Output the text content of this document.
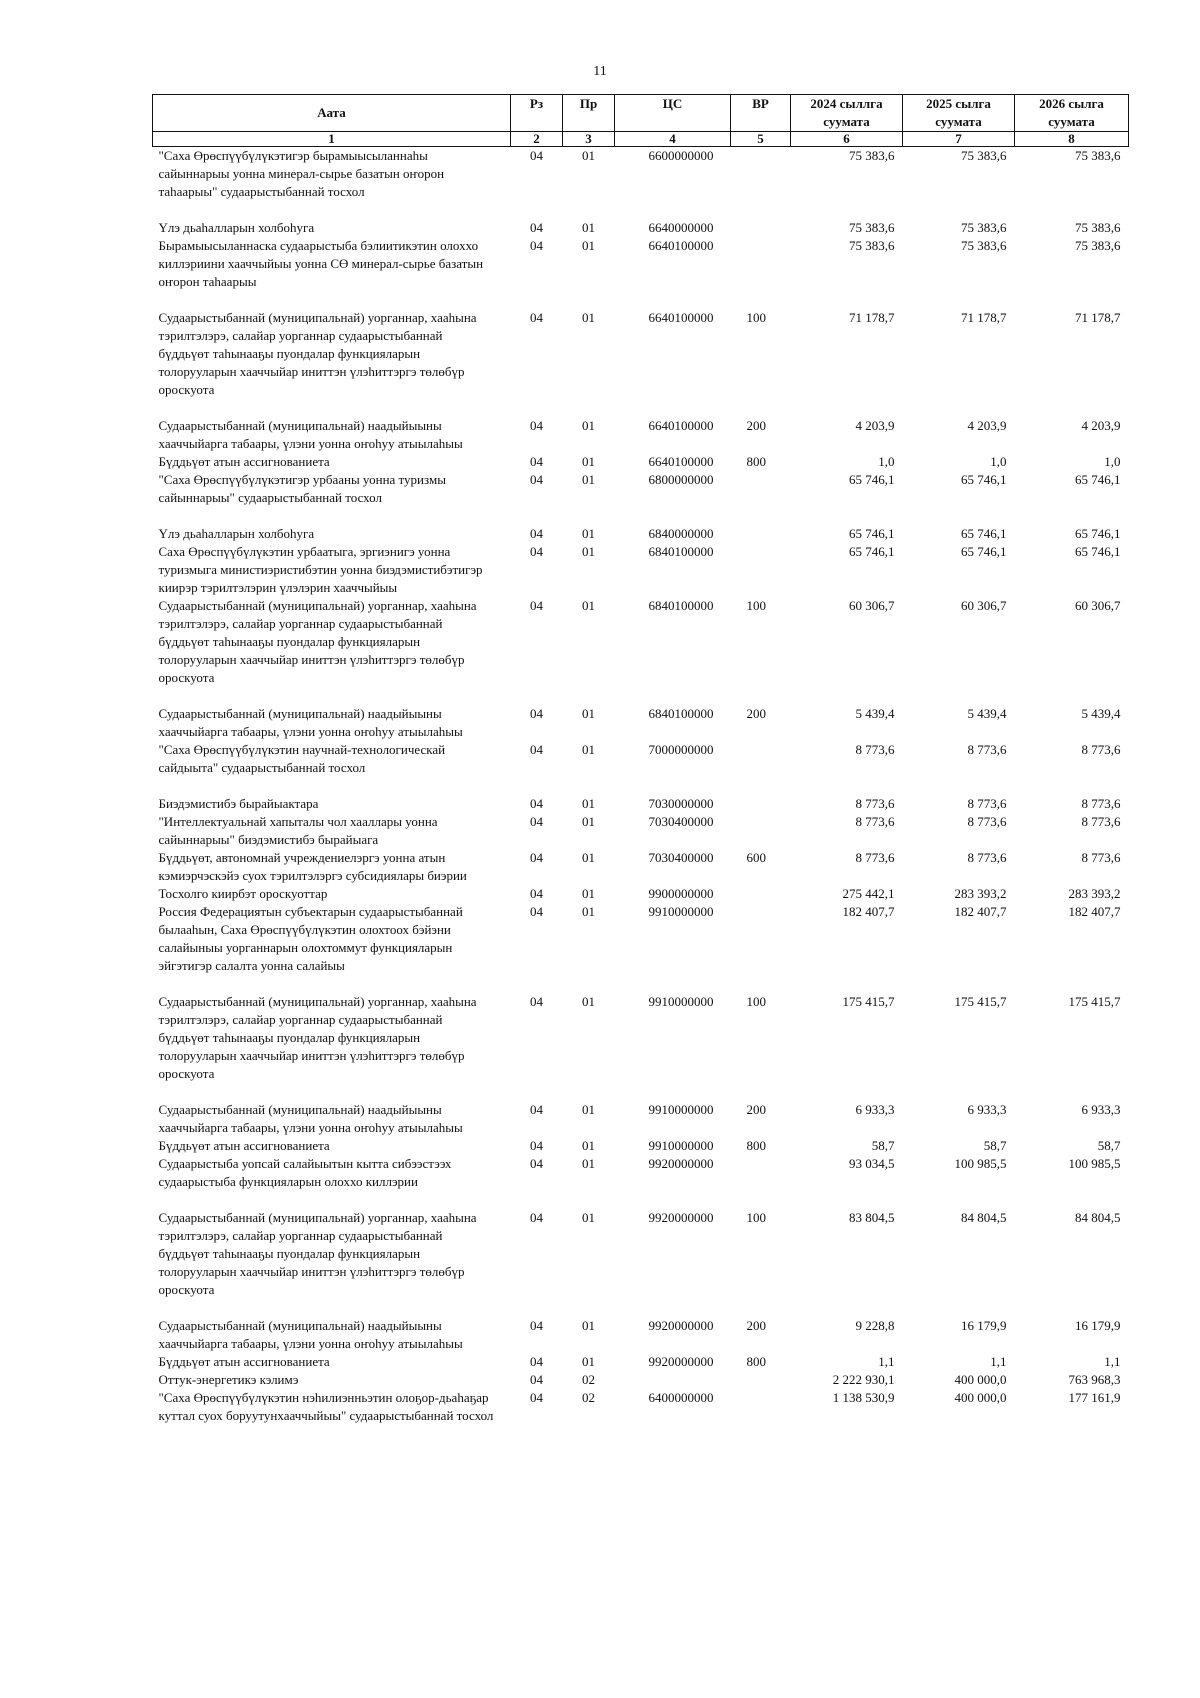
11
Аата	Рз	Пр	ЦС	ВР	2024 сыллга суумата	2025 сылга суумата	2026 сылга суумата
1	2	3	4	5	6	7	8
"Саха Өрөспүүбүлүкэтигэр бырамыысыланнаһы сайыннарыы уонна минерал-сырье базатын оҥорон таһаарыы" судаарыстыбаннай тосхол	04	01	6600000000		75 383,6	75 383,6	75 383,6
Үлэ дьаһалларын холбоһуга	04	01	6640000000		75 383,6	75 383,6	75 383,6
Бырамыысыланнаска судаарыстыба бэлиитикэтин олоххо киллэриини хааччыйыы уонна СӨ минерал-сырье базатын оҥорон таһаарыы	04	01	6640100000		75 383,6	75 383,6	75 383,6
Судаарыстыбаннай (муниципальнай) уорганнар, хааһына тэрилтэлэрэ, салайар уорганнар судаарыстыбаннай бүддьүөт таһынааҕы пуондалар функцияларын толорууларын хааччыйар иниттэн үлэһиттэргэ төлөбүр ороскуота	04	01	6640100000	100	71 178,7	71 178,7	71 178,7
Судаарыстыбаннай (муниципальнай) наадыйыыны хааччыйарга табаары, үлэни уонна оҥоһуу атыылаһыы	04	01	6640100000	200	4 203,9	4 203,9	4 203,9
Бүддьүөт атын ассигнованиета	04	01	6640100000	800	1,0	1,0	1,0
"Саха Өрөспүүбүлүкэтигэр урбааны уонна туризмы сайыннарыы" судаарыстыбаннай тосхол	04	01	6800000000		65 746,1	65 746,1	65 746,1
Үлэ дьаһалларын холбоһуга	04	01	6840000000		65 746,1	65 746,1	65 746,1
Саха Өрөспүүбүлүкэтин урбаатыга, эргиэнигэ уонна туризмыга министиэристибэтин уонна биэдэмистибэтигэр киирэр тэрилтэлэрин үлэлэрин хааччыйыы	04	01	6840100000		65 746,1	65 746,1	65 746,1
Судаарыстыбаннай (муниципальнай) уорганнар, хааһына тэрилтэлэрэ, салайар уорганнар судаарыстыбаннай бүддьүөт таһынааҕы пуондалар функцияларын толорууларын хааччыйар иниттэн үлэһиттэргэ төлөбүр ороскуота	04	01	6840100000	100	60 306,7	60 306,7	60 306,7
Судаарыстыбаннай (муниципальнай) наадыйыыны хааччыйарга табаары, үлэни уонна оҥоһуу атыылаһыы	04	01	6840100000	200	5 439,4	5 439,4	5 439,4
"Саха Өрөспүүбүлүкэтин научнай-технологическай сайдыыта" судаарыстыбаннай тосхол	04	01	7000000000		8 773,6	8 773,6	8 773,6
Биэдэмистибэ бырайыактара	04	01	7030000000		8 773,6	8 773,6	8 773,6
"Интеллектуальнай хапыталы чол хааллары уонна сайыннарыы" биэдэмистибэ бырайыага	04	01	7030400000		8 773,6	8 773,6	8 773,6
Бүддьүөт, автономнай учреждениелэргэ уонна атын кэмиэрчэскэйэ суох тэрилтэлэргэ субсидиялары биэрии	04	01	7030400000	600	8 773,6	8 773,6	8 773,6
Тосхолго киирбэт ороскуоттар	04	01	9900000000		275 442,1	283 393,2	283 393,2
Россия Федерациятын субъектарын судаарыстыбаннай былааһын, Саха Өрөспүүбүлүкэтин олохтоох бэйэни салайыныы уорганнарын олохтоммут функцияларын эйгэтигэр салалта уонна салайыы	04	01	9910000000		182 407,7	182 407,7	182 407,7
Судаарыстыбаннай (муниципальнай) уорганнар, хааһына тэрилтэлэрэ, салайар уорганнар судаарыстыбаннай бүддьүөт таһынааҕы пуондалар функцияларын толорууларын хааччыйар иниттэн үлэһиттэргэ төлөбүр ороскуота	04	01	9910000000	100	175 415,7	175 415,7	175 415,7
Судаарыстыбаннай (муниципальнай) наадыйыыны хааччыйарга табаары, үлэни уонна оҥоһуу атыылаһыы	04	01	9910000000	200	6 933,3	6 933,3	6 933,3
Бүддьүөт атын ассигнованиета	04	01	9910000000	800	58,7	58,7	58,7
Судаарыстыба уопсай салайыытын кытта сибээстээх судаарыстыба функцияларын олоххо киллэрии	04	01	9920000000		93 034,5	100 985,5	100 985,5
Судаарыстыбаннай (муниципальнай) уорганнар, хааһына тэрилтэлэрэ, салайар уорганнар судаарыстыбаннай бүддьүөт таһынааҕы пуондалар функцияларын толорууларын хааччыйар иниттэн үлэһиттэргэ төлөбүр ороскуота	04	01	9920000000	100	83 804,5	84 804,5	84 804,5
Судаарыстыбаннай (муниципальнай) наадыйыыны хааччыйарга табаары, үлэни уонна оҥоһуу атыылаһыы	04	01	9920000000	200	9 228,8	16 179,9	16 179,9
Бүддьүөт атын ассигнованиета	04	01	9920000000	800	1,1	1,1	1,1
Оттук-энергетикэ кэлимэ	04	02			2 222 930,1	400 000,0	763 968,3
"Саха Өрөспүүбүлүкэтин нэһилиэнньэтин олоҕор-дьаһаҕар куттал суох боруутунхааччыйыы" судаарыстыбаннай тосхол	04	02	6400000000		1 138 530,9	400 000,0	177 161,9
